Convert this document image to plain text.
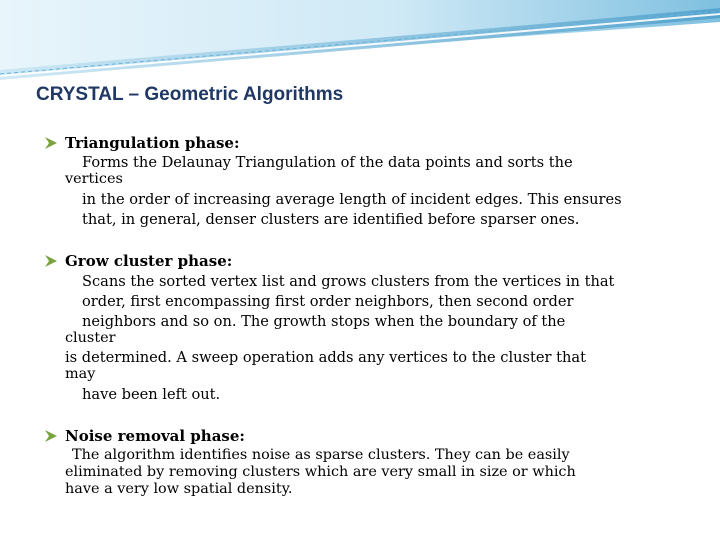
CRYSTAL – Geometric Algorithms
Triangulation phase:
Forms the Delaunay Triangulation of the data points and sorts the
vertices
in the order of increasing average length of incident edges. This ensures
that, in general, denser clusters are identified before sparser ones.
Grow cluster phase:
Scans the sorted vertex list and grows clusters from the vertices in that
order, first encompassing first order neighbors, then second order
neighbors and so on. The growth stops when the boundary of the
cluster
is determined. A sweep operation adds any vertices to the cluster that
may
have been left out.
Noise removal phase:
The algorithm identifies noise as sparse clusters. They can be easily
eliminated by removing clusters which are very small in size or which
have a very low spatial density.
